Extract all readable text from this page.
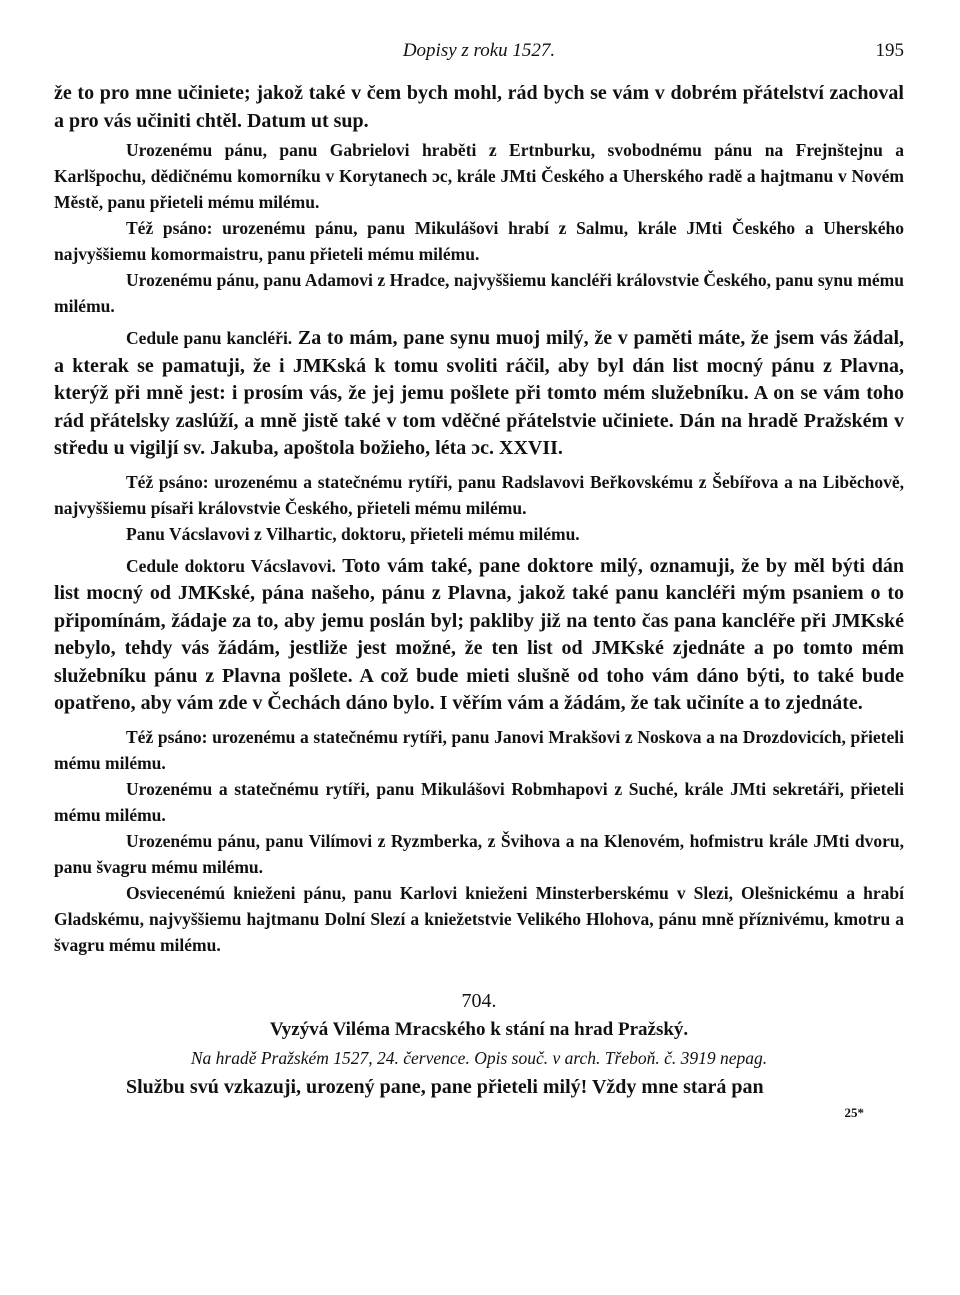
Dopisy z roku 1527.	195

že to pro mne učiniete; jakož také v čem bych mohl, rád bych se vám v dobrém přátelství zachoval a pro vás učiniti chtěl. Datum ut sup.

Urozenému pánu, panu Gabrielovi hraběti z Ertnburku, svobodnému pánu na Frejnštejnu a Karlšpochu, dědičnému komorníku v Korytanech ɔc, krále JMti Českého a Uherského radě a hajtmanu v Novém Městě, panu přieteli mému milému.

Též psáno: urozenému pánu, panu Mikulášovi hrabí z Salmu, krále JMti Českého a Uherského najvyššiemu komormaistru, panu přieteli mému milému.

Urozenému pánu, panu Adamovi z Hradce, najvyššiemu kancléři královstvie Českého, panu synu mému milému.

Cedule panu kancléři. Za to mám, pane synu muoj milý, že v paměti máte, že jsem vás žádal, a kterak se pamatuji, že i JMKská k tomu svoliti ráčil, aby byl dán list mocný pánu z Plavna, kterýž při mně jest: i prosím vás, že jej jemu pošlete při tomto mém služebníku. A on se vám toho rád přátelsky zaslúží, a mně jistě také v tom vděčné přátelstvie učiniete. Dán na hradě Pražském v středu u vigiljí sv. Jakuba, apoštola božieho, léta ɔc. XXVII.

Též psáno: urozenému a statečnému rytíři, panu Radslavovi Beřkovskému z Šebířova a na Liběchově, najvyššiemu písaři královstvie Českého, přieteli mému milému.

Panu Vácslavovi z Vilhartic, doktoru, přieteli mému milému.

Cedule doktoru Vácslavovi. Toto vám také, pane doktore milý, oznamuji, že by měl býti dán list mocný od JMKské, pána našeho, pánu z Plavna, jakož také panu kancléři mým psaniem o to připomínám, žádaje za to, aby jemu poslán byl; pakliby již na tento čas pana kancléře při JMKské nebylo, tehdy vás žádám, jestliže jest možné, že ten list od JMKské zjednáte a po tomto mém služebníku pánu z Plavna pošlete. A což bude mieti slušně od toho vám dáno býti, to také bude opatřeno, aby vám zde v Čechách dáno bylo. I věřím vám a žádám, že tak učiníte a to zjednáte.

Též psáno: urozenému a statečnému rytíři, panu Janovi Mrakšovi z Noskova a na Drozdovicích, přieteli mému milému.

Urozenému a statečnému rytíři, panu Mikulášovi Robmhapovi z Suché, krále JMti sekretáři, přieteli mému milému.

Urozenému pánu, panu Vilímovi z Ryzmberka, z Švihova a na Klenovém, hofmistru krále JMti dvoru, panu švagru mému milému.

Osviecenémú knieženi pánu, panu Karlovi knieženi Minsterberskému v Slezi, Olešnickému a hrabí Gladskému, najvyššiemu hajtmanu Dolní Slezí a kniežetstvie Velikého Hlohova, pánu mně příznivému, kmotru a švagru mému milému.

704.
Vyzývá Viléma Mracského k stání na hrad Pražský.
Na hradě Pražském 1527, 24. července. Opis souč. v arch. Třeboň. č. 3919 nepag.

Službu svú vzkazuji, urozený pane, pane přieteli milý! Vždy mne stará pan

25*
